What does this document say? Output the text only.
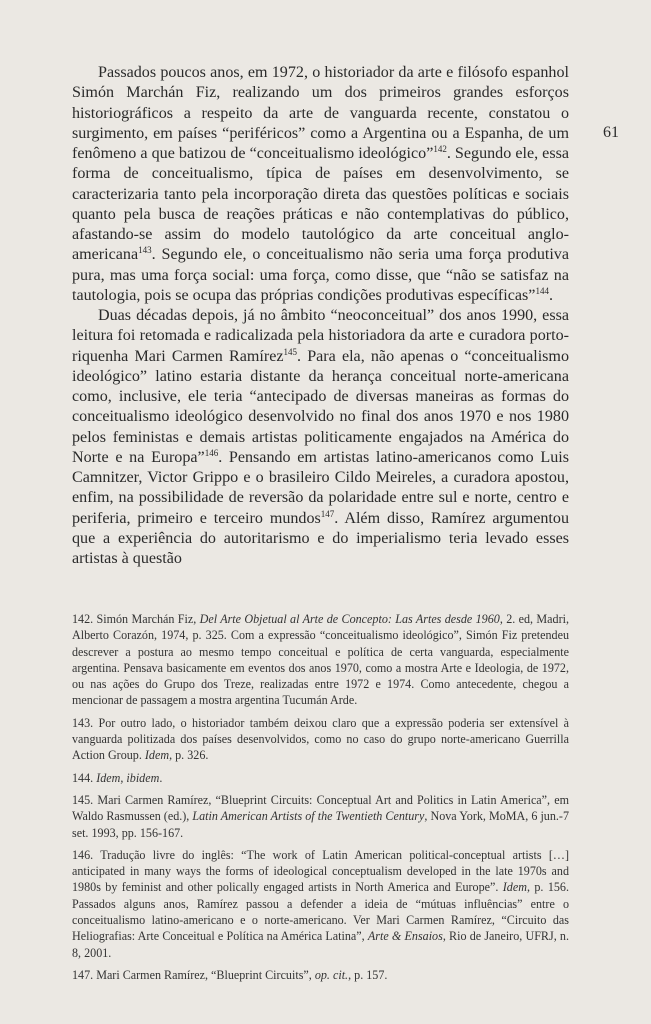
61

Passados poucos anos, em 1972, o historiador da arte e filósofo espanhol Simón Marchán Fiz, realizando um dos primeiros grandes esforços historiográficos a respeito da arte de vanguarda recente, constatou o surgimento, em países “periféricos” como a Argentina ou a Espanha, de um fenômeno a que batizou de “conceitualismo ideológico”$^{142}$. Segundo ele, essa forma de conceitualismo, típica de países em desenvolvimento, se caracterizaria tanto pela incorporação direta das questões políticas e sociais quanto pela busca de reações práticas e não contemplativas do público, afastando-se assim do modelo tautológico da arte conceitual anglo-americana$^{143}$. Segundo ele, o conceitualismo não seria uma força produtiva pura, mas uma força social: uma força, como disse, que “não se satisfaz na tautologia, pois se ocupa das próprias condições produtivas específicas”$^{144}$.

Duas décadas depois, já no âmbito “neoconceitual” dos anos 1990, essa leitura foi retomada e radicalizada pela historiadora da arte e curadora porto-riquenha Mari Carmen Ramírez$^{145}$. Para ela, não apenas o “conceitualismo ideológico” latino estaria distante da herança conceitual norte-americana como, inclusive, ele teria “antecipado de diversas maneiras as formas do conceitualismo ideológico desenvolvido no final dos anos 1970 e nos 1980 pelos feministas e demais artistas politicamente engajados na América do Norte e na Europa”$^{146}$. Pensando em artistas latino-americanos como Luis Camnitzer, Victor Grippo e o brasileiro Cildo Meireles, a curadora apostou, enfim, na possibilidade de reversão da polaridade entre sul e norte, centro e periferia, primeiro e terceiro mundos$^{147}$. Além disso, Ramírez argumentou que a experiência do autoritarismo e do imperialismo teria levado esses artistas à questão

142. Simón Marchán Fiz, Del Arte Objetual al Arte de Concepto: Las Artes desde 1960, 2. ed, Madri, Alberto Corazón, 1974, p. 325. Com a expressão “conceitualismo ideológico”, Simón Fiz pretendeu descrever a postura ao mesmo tempo conceitual e política de certa vanguarda, especialmente argentina. Pensava basicamente em eventos dos anos 1970, como a mostra Arte e Ideologia, de 1972, ou nas ações do Grupo dos Treze, realizadas entre 1972 e 1974. Como antecedente, chegou a mencionar de passagem a mostra argentina Tucumán Arde.

143. Por outro lado, o historiador também deixou claro que a expressão poderia ser extensível à vanguarda politizada dos países desenvolvidos, como no caso do grupo norte-americano Guerrilla Action Group. Idem, p. 326.

144. Idem, ibidem.

145. Mari Carmen Ramírez, “Blueprint Circuits: Conceptual Art and Politics in Latin America”, em Waldo Rasmussen (ed.), Latin American Artists of the Twentieth Century, Nova York, MoMA, 6 jun.-7 set. 1993, pp. 156-167.

146. Tradução livre do inglês: “The work of Latin American political-conceptual artists […] anticipated in many ways the forms of ideological conceptualism developed in the late 1970s and 1980s by feminist and other polically engaged artists in North America and Europe”. Idem, p. 156. Passados alguns anos, Ramírez passou a defender a ideia de “mútuas influências” entre o conceitualismo latino-americano e o norte-americano. Ver Mari Carmen Ramírez, “Circuito das Heliografias: Arte Conceitual e Política na América Latina”, Arte & Ensaios, Rio de Janeiro, UFRJ, n. 8, 2001.

147. Mari Carmen Ramírez, “Blueprint Circuits”, op. cit., p. 157.
